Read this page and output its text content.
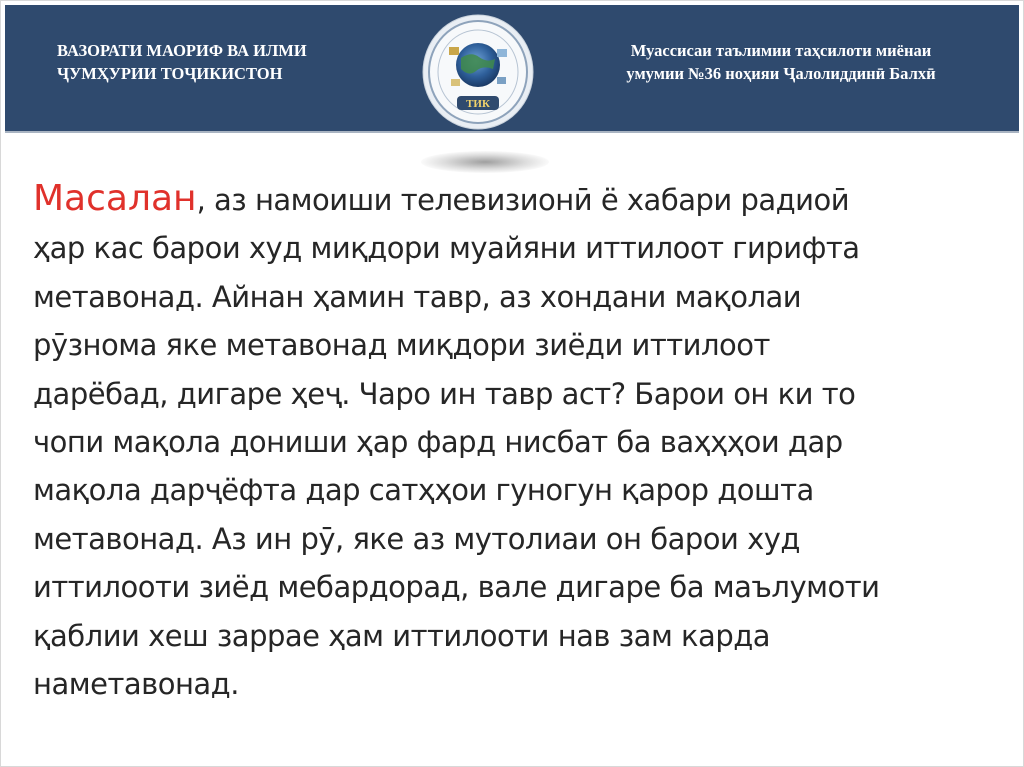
ВАЗОРАТИ МАОРИФ ВА ИЛМИ
ҶУМҲУРИИ ТОҶИКИСТОН
ТИК
Муассисаи таълимии таҳсилоти миёнаи
умумии №36 ноҳияи Ҷалолиддинӣ Балхӣ
Масалан, аз намоиши телевизионӣ ё хабари радиоӣ
ҳар кас барои худ миқдори муайяни иттилоот гирифта
метавонад. Айнан ҳамин тавр, аз хондани мақолаи
рӯзнома яке метавонад миқдори зиёди иттилоот
дарёбад, дигаре ҳеҷ. Чаро ин тавр аст? Барои он ки то
чопи мақола дониши ҳар фард нисбат ба ваҳҳҳои дар
мақола дарҷёфта дар сатҳҳои гуногун қарор дошта
метавонад. Аз ин рӯ, яке аз мутолиаи он барои худ
иттилооти зиёд мебардорад, вале дигаре ба маълумоти
қаблии хеш заррае ҳам иттилооти нав зам карда
наметавонад.
